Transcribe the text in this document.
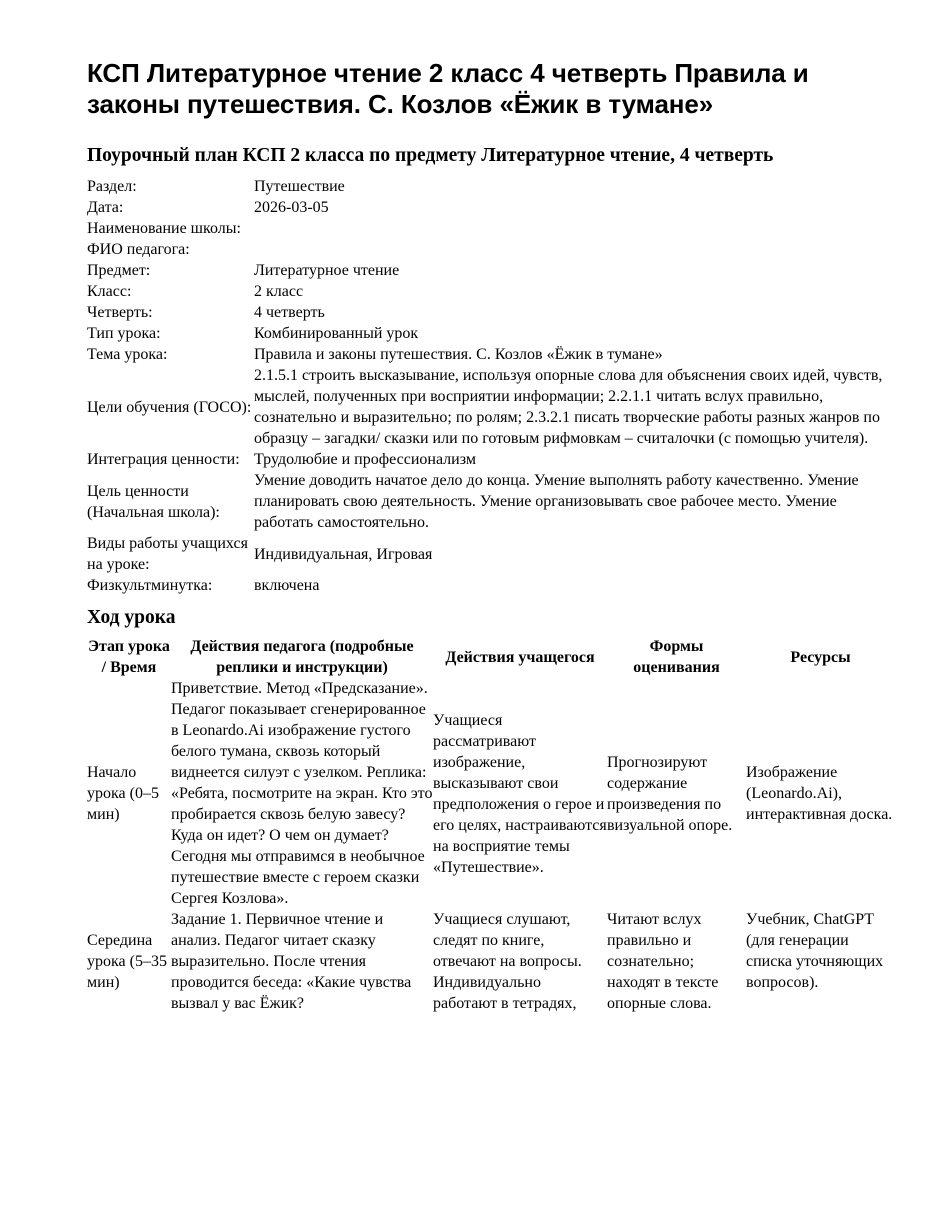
КСП Литературное чтение 2 класс 4 четверть Правила и законы путешествия. С. Козлов «Ёжик в тумане»
Поурочный план КСП 2 класса по предмету Литературное чтение, 4 четверть
Раздел:	Путешествие
Дата:	2026-03-05
Наименование школы:	
ФИО педагога:	
Предмет:	Литературное чтение
Класс:	2 класс
Четверть:	4 четверть
Тип урока:	Комбинированный урок
Тема урока:	Правила и законы путешествия. С. Козлов «Ёжик в тумане»
Цели обучения (ГОСО):	2.1.5.1 строить высказывание, используя опорные слова для объяснения своих идей, чувств, мыслей, полученных при восприятии информации; 2.2.1.1 читать вслух правильно, сознательно и выразительно; по ролям; 2.3.2.1 писать творческие работы разных жанров по образцу – загадки/ сказки или по готовым рифмовкам – считалочки (с помощью учителя).
Интеграция ценности:	Трудолюбие и профессионализм
Цель ценности (Начальная школа):	Умение доводить начатое дело до конца. Умение выполнять работу качественно. Умение планировать свою деятельность. Умение организовывать свое рабочее место. Умение работать самостоятельно.
Виды работы учащихся на уроке:	Индивидуальная, Игровая
Физкультминутка:	включена
Ход урока
Этап урока / Время	Действия педагога (подробные реплики и инструкции)	Действия учащегося	Формы оценивания	Ресурсы
Начало урока (0–5 мин)	Приветствие. Метод «Предсказание». Педагог показывает сгенерированное в Leonardo.Ai изображение густого белого тумана, сквозь который виднеется силуэт с узелком. Реплика: «Ребята, посмотрите на экран. Кто это пробирается сквозь белую завесу? Куда он идет? О чем он думает? Сегодня мы отправимся в необычное путешествие вместе с героем сказки Сергея Козлова».	Учащиеся рассматривают изображение, высказывают свои предположения о герое и его целях, настраиваются на восприятие темы «Путешествие».	Прогнозируют содержание произведения по визуальной опоре.	Изображение (Leonardo.Ai), интерактивная доска.
Середина урока (5–35 мин)	Задание 1. Первичное чтение и анализ. Педагог читает сказку выразительно. После чтения проводится беседа: «Какие чувства вызвал у вас Ёжик?	Учащиеся слушают, следят по книге, отвечают на вопросы. Индивидуально работают в тетрадях,	Читают вслух правильно и сознательно; находят в тексте опорные слова.	Учебник, ChatGPT (для генерации списка уточняющих вопросов).
